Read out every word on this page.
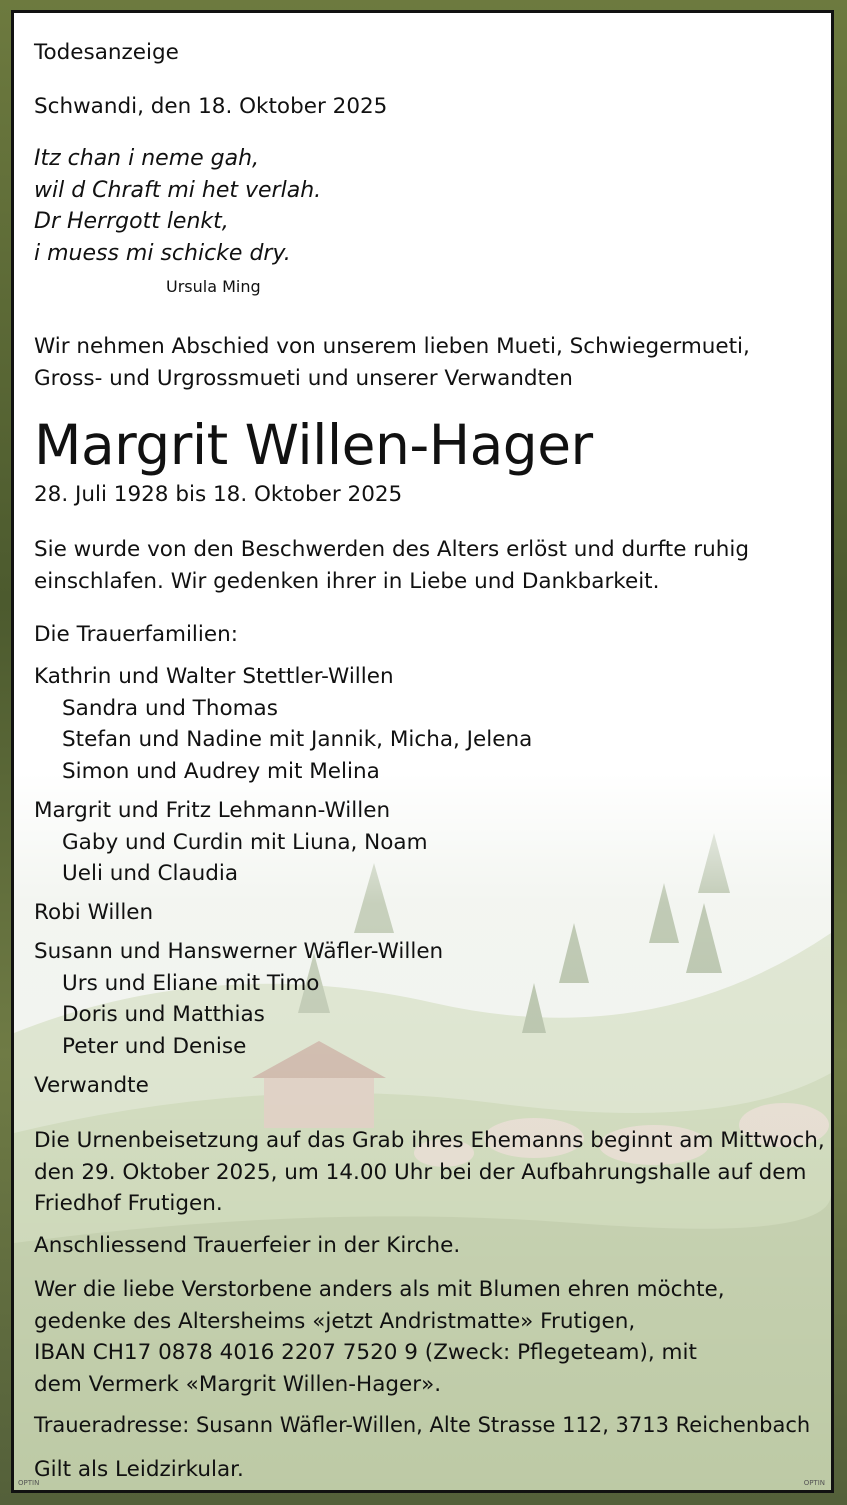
Todesanzeige
Schwandi, den 18. Oktober 2025
Itz chan i neme gah,
wil d Chraft mi het verlah.
Dr Herrgott lenkt,
i muess mi schicke dry.
Ursula Ming
Wir nehmen Abschied von unserem lieben Mueti, Schwiegermueti,
Gross- und Urgrossmueti und unserer Verwandten
Margrit Willen-Hager
28. Juli 1928 bis 18. Oktober 2025
Sie wurde von den Beschwerden des Alters erlöst und durfte ruhig
einschlafen. Wir gedenken ihrer in Liebe und Dankbarkeit.
Die Trauerfamilien:
Kathrin und Walter Stettler-Willen
Sandra und Thomas
Stefan und Nadine mit Jannik, Micha, Jelena
Simon und Audrey mit Melina
Margrit und Fritz Lehmann-Willen
Gaby und Curdin mit Liuna, Noam
Ueli und Claudia
Robi Willen
Susann und Hanswerner Wäfler-Willen
Urs und Eliane mit Timo
Doris und Matthias
Peter und Denise
Verwandte
Die Urnenbeisetzung auf das Grab ihres Ehemanns beginnt am Mittwoch,
den 29. Oktober 2025, um 14.00 Uhr bei der Aufbahrungshalle auf dem
Friedhof Frutigen.
Anschliessend Trauerfeier in der Kirche.
Wer die liebe Verstorbene anders als mit Blumen ehren möchte,
gedenke des Altersheims «jetzt Andristmatte» Frutigen,
IBAN CH17 0878 4016 2207 7520 9 (Zweck: Pflegeteam), mit
dem Vermerk «Margrit Willen-Hager».
Traueradresse: Susann Wäfler-Willen, Alte Strasse 112, 3713 Reichenbach
Gilt als Leidzirkular.
OPTIN	OPTIN
